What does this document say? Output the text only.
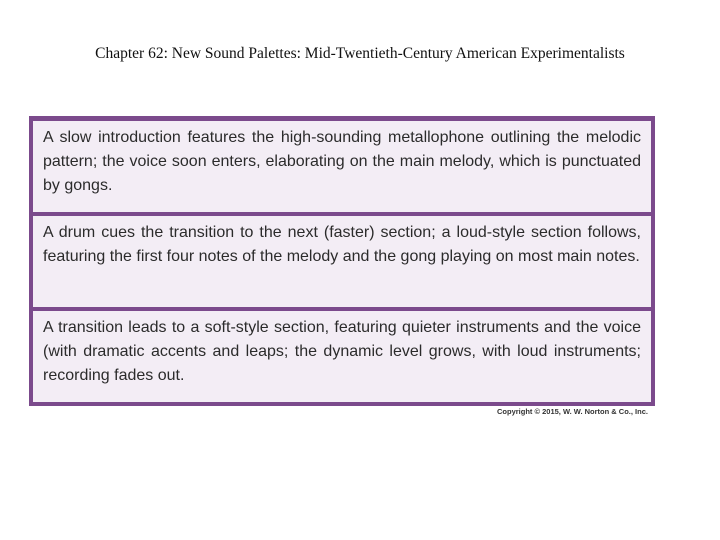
Chapter 62: New Sound Palettes: Mid-Twentieth-Century American Experimentalists

A slow introduction features the high-sounding metallophone outlining the melodic pattern; the voice soon enters, elaborating on the main melody, which is punctuated by gongs.

A drum cues the transition to the next (faster) section; a loud-style section follows, featuring the first four notes of the melody and the gong playing on most main notes.

A transition leads to a soft-style section, featuring quieter instruments and the voice (with dramatic accents and leaps; the dynamic level grows, with loud instruments; recording fades out.

Copyright © 2015, W. W. Norton & Co., Inc.
